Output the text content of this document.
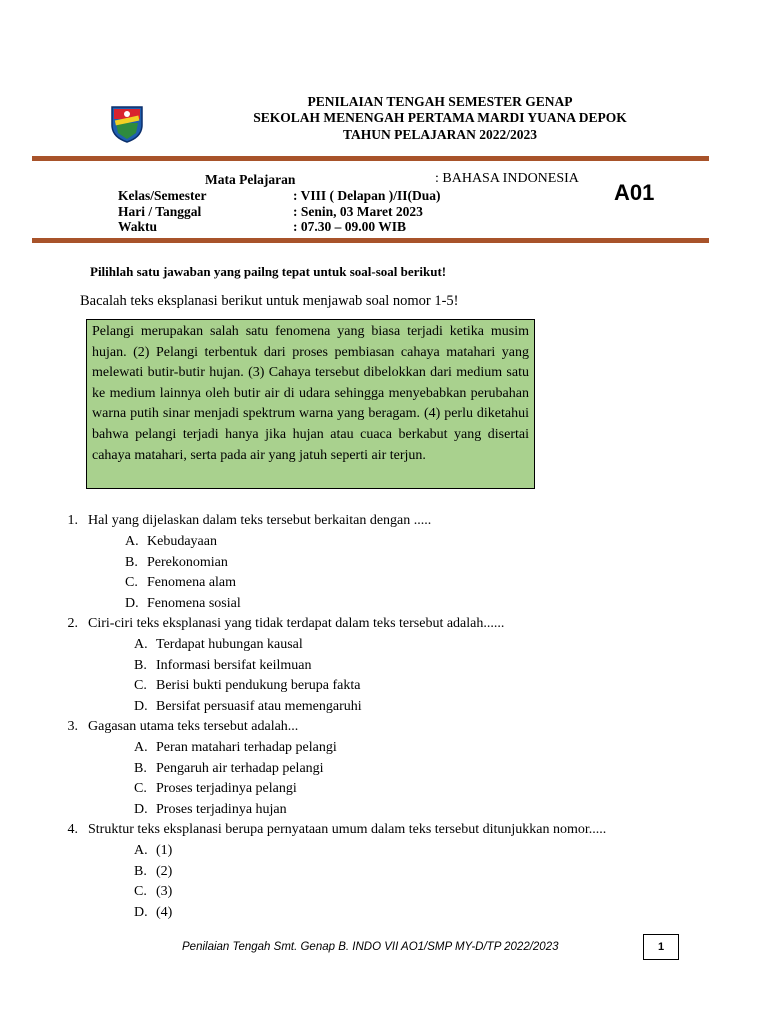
PENILAIAN TENGAH SEMESTER GENAP
SEKOLAH MENENGAH PERTAMA MARDI YUANA DEPOK
TAHUN PELAJARAN 2022/2023
Mata Pelajaran	: BAHASA INDONESIA
Kelas/Semester	: VIII ( Delapan )/II(Dua)
Hari / Tanggal	: Senin, 03 Maret 2023
Waktu	: 07.30 – 09.00 WIB
A01
Pilihlah satu jawaban yang pailng tepat untuk soal-soal berikut!
Bacalah teks eksplanasi berikut untuk menjawab soal nomor 1-5!
Pelangi merupakan salah satu fenomena yang biasa terjadi ketika musim hujan. (2) Pelangi terbentuk dari proses pembiasan cahaya matahari yang melewati butir-butir hujan. (3) Cahaya tersebut dibelokkan dari medium satu ke medium lainnya oleh butir air di udara sehingga menyebabkan perubahan warna putih sinar menjadi spektrum warna yang beragam. (4) perlu diketahui bahwa pelangi terjadi hanya jika hujan atau cuaca berkabut yang disertai cahaya matahari, serta pada air yang jatuh seperti air terjun.
1. Hal yang dijelaskan dalam teks tersebut berkaitan dengan .....
A. Kebudayaan
B. Perekonomian
C. Fenomena alam
D. Fenomena sosial
2. Ciri-ciri teks eksplanasi yang tidak terdapat dalam teks tersebut adalah......
A. Terdapat hubungan kausal
B. Informasi bersifat keilmuan
C. Berisi bukti pendukung berupa fakta
D. Bersifat persuasif atau memengaruhi
3. Gagasan utama teks tersebut adalah...
A. Peran matahari terhadap pelangi
B. Pengaruh air terhadap pelangi
C. Proses terjadinya pelangi
D. Proses terjadinya hujan
4. Struktur teks eksplanasi berupa pernyataan umum dalam teks tersebut ditunjukkan nomor.....
A. (1)
B. (2)
C. (3)
D. (4)
Penilaian Tengah Smt. Genap B. INDO VII AO1/SMP MY-D/TP 2022/2023	1
